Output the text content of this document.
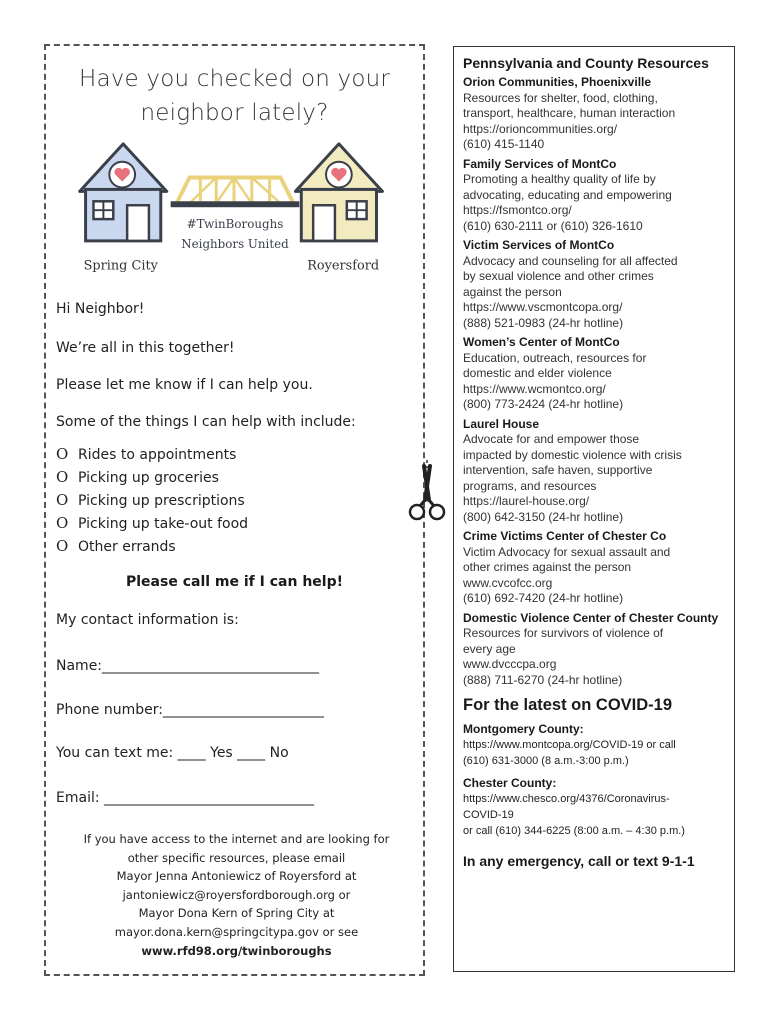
Have you checked on your
neighbor lately?
#TwinBoroughs
Neighbors United
Spring City	Royersford
Hi Neighbor!
We’re all in this together!
Please let me know if I can help you.
Some of the things I can help with include:
O Rides to appointments
O Picking up groceries
O Picking up prescriptions
O Picking up take-out food
O Other errands
Please call me if I can help!
My contact information is:
Name:_______________________________
Phone number:_______________________
You can text me: ____ Yes ____ No
Email: ______________________________
If you have access to the internet and are looking for
other specific resources, please email
Mayor Jenna Antoniewicz of Royersford at
jantoniewicz@royersfordborough.org or
Mayor Dona Kern of Spring City at
mayor.dona.kern@springcitypa.gov or see
www.rfd98.org/twinboroughs
Pennsylvania and County Resources
Orion Communities, Phoenixville
Resources for shelter, food, clothing,
transport, healthcare, human interaction
https://orioncommunities.org/
(610) 415-1140
Family Services of MontCo
Promoting a healthy quality of life by
advocating, educating and empowering
https://fsmontco.org/
(610) 630-2111 or (610) 326-1610
Victim Services of MontCo
Advocacy and counseling for all affected
by sexual violence and other crimes
against the person
https://www.vscmontcopa.org/
(888) 521-0983 (24-hr hotline)
Women’s Center of MontCo
Education, outreach, resources for
domestic and elder violence
https://www.wcmontco.org/
(800) 773-2424 (24-hr hotline)
Laurel House
Advocate for and empower those
impacted by domestic violence with crisis
intervention, safe haven, supportive
programs, and resources
https://laurel-house.org/
(800) 642-3150 (24-hr hotline)
Crime Victims Center of Chester Co
Victim Advocacy for sexual assault and
other crimes against the person
www.cvcofcc.org
(610) 692-7420 (24-hr hotline)
Domestic Violence Center of Chester County
Resources for survivors of violence of
every age
www.dvcccpa.org
(888) 711-6270 (24-hr hotline)
For the latest on COVID-19
Montgomery County:
https://www.montcopa.org/COVID-19 or call
(610) 631-3000 (8 a.m.-3:00 p.m.)
Chester County:
https://www.chesco.org/4376/Coronavirus-
COVID-19
or call (610) 344-6225 (8:00 a.m. – 4:30 p.m.)
In any emergency, call or text 9-1-1
